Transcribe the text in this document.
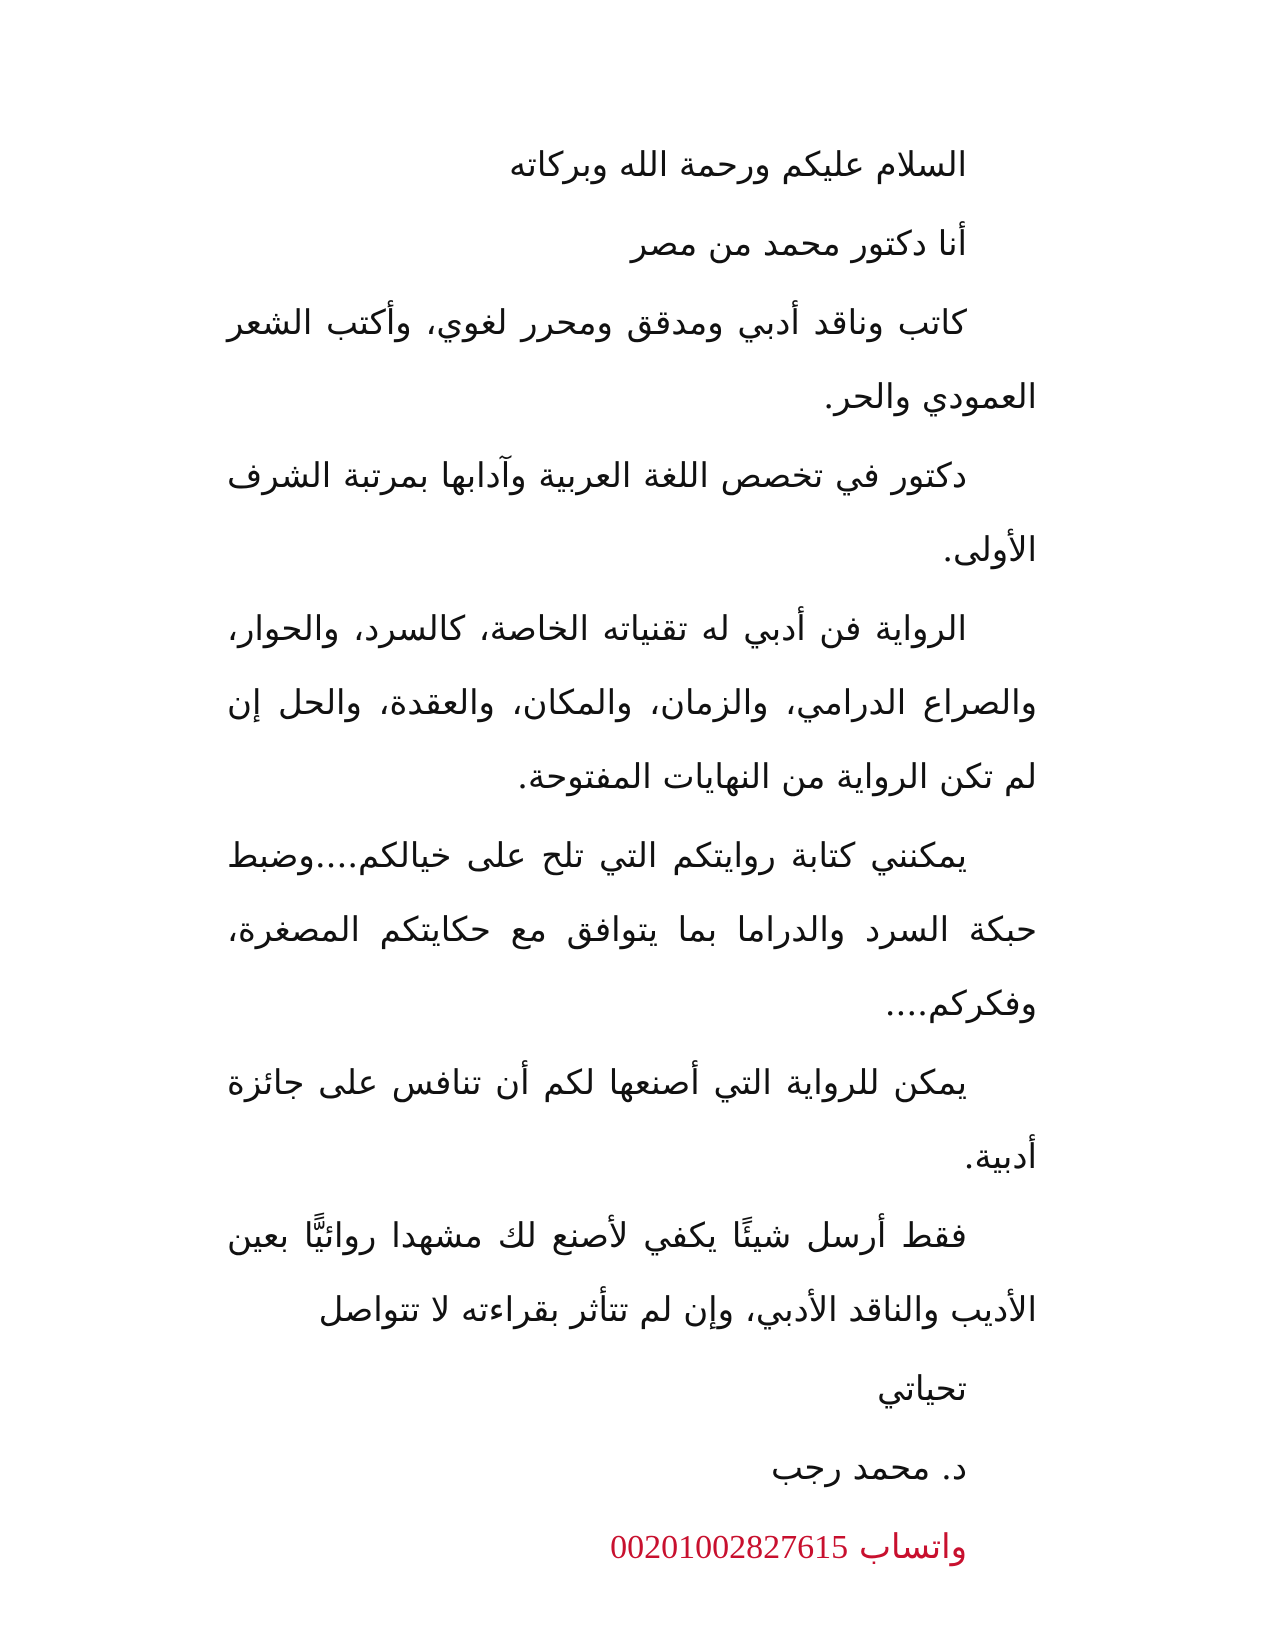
السلام عليكم ورحمة الله وبركاته

أنا دكتور محمد من مصر

كاتب وناقد أدبي ومدقق ومحرر لغوي، وأكتب الشعر العمودي والحر.

دكتور في تخصص اللغة العربية وآدابها بمرتبة الشرف الأولى.

الرواية فن أدبي له تقنياته الخاصة، كالسرد، والحوار، والصراع الدرامي، والزمان، والمكان، والعقدة، والحل إن لم تكن الرواية من النهايات المفتوحة.

يمكنني كتابة روايتكم التي تلح على خيالكم....وضبط حبكة السرد والدراما بما يتوافق مع حكايتكم المصغرة، وفكركم....

يمكن للرواية التي أصنعها لكم أن تنافس على جائزة أدبية.

فقط أرسل شيئًا يكفي لأصنع لك مشهدا روائيًّا بعين الأديب والناقد الأدبي، وإن لم تتأثر بقراءته لا تتواصل

تحياتي

د. محمد رجب

واتساب 00201002827615
